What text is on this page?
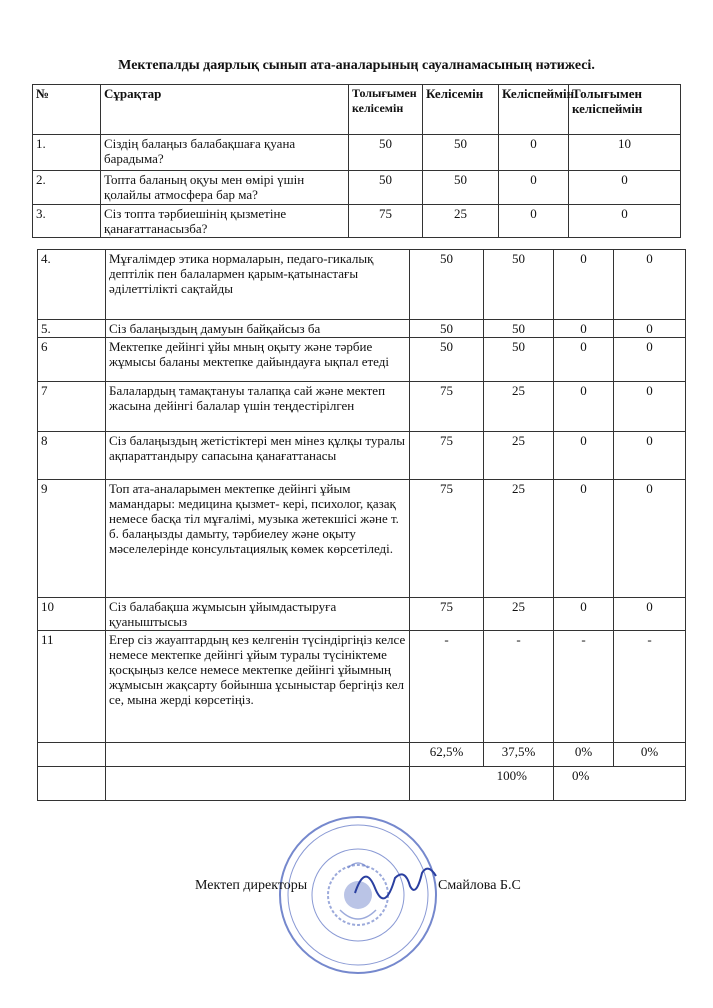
Мектепалды даярлық сынып ата-аналарының сауалнамасының нәтижесі.
№	Сұрақтар	Толығымен келісемін	Келісемін	Келіспеймін	Толығымен келіспеймін
1.	Сіздің балаңыз балабақшаға қуана барадыма?	50	50	0	10
2.	Топта баланың оқуы мен өмірі үшін қолайлы атмосфера бар ма?	50	50	0	0
3.	Сіз топта тәрбиешінің қызметіне қанағаттанасызба?	75	25	0	0
4.	Мұғалімдер этика нормаларын, педаго-гикалық дептілік пен балалармен қарым-қатынастағы әділеттілікті сақтайды	50	50	0	0
5.	Сіз балаңыздың дамуын байқайсыз ба	50	50	0	0
6	Мектепке дейінгі ұйы мның оқыту жәнe тәрбие жұмысы баланы мектепке дайындауға ықпал етеді	50	50	0	0
7	Балалардың тамақтануы талапқа сай жәнe мектеп жасына дейінгі балалар үшін теңдестірілген	75	25	0	0
8	Сіз балаңыздың жетістіктері мен мінез құлқы туралы ақпараттандыру сапасына қанағаттанасы	75	25	0	0
9	Топ ата-аналарымен мектепке дейінгі ұйым мамандары: медицина қызмет- кері, психолог, қазақ немесе басқа тіл мұғалімі, музыка жетекшісі жәнe т. б. балаңызды дамыту, тәрбиелеу жәнe оқыту мәселелерінде консультациялық көмек көрсетіледі.	75	25	0	0
10	Сіз балабақша жұмысын ұйымдастыруға қуаныштысыз	75	25	0	0
11	Егер сіз жауаптардың кез келгенін түсіндіргіңіз келсе немесе мектепке дейінгі ұйым туралы түсініктеме қосқыңыз келсе немесе мектепке дейінгі ұйымның жұмысын жақсарту бойынша ұсыныстар бергіңіз кел се, мына жерді көрсетіңіз.	-	-	-	-
		62,5%	37,5%	0%	0%
		100%		0%	
Мектеп директоры	Смайлова Б.С
